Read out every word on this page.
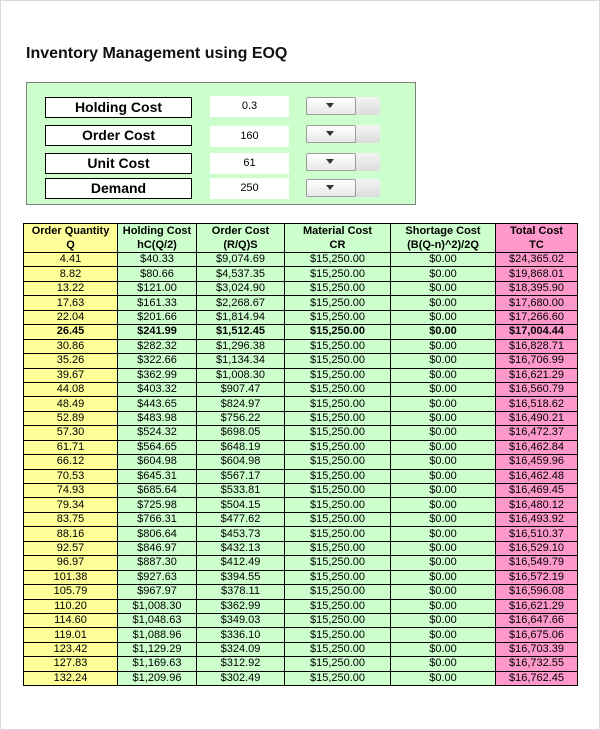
Inventory Management using EOQ
Holding Cost	0.3
Order Cost	160
Unit Cost	61
Demand	250
Order Quantity	Holding Cost	Order Cost	Material Cost	Shortage Cost	Total Cost
Q	hC(Q/2)	(R/Q)S	CR	(B(Q-n)^2)/2Q	TC
4.41	$40.33	$9,074.69	$15,250.00	$0.00	$24,365.02
8.82	$80.66	$4,537.35	$15,250.00	$0.00	$19,868.01
13.22	$121.00	$3,024.90	$15,250.00	$0.00	$18,395.90
17.63	$161.33	$2,268.67	$15,250.00	$0.00	$17,680.00
22.04	$201.66	$1,814.94	$15,250.00	$0.00	$17,266.60
26.45	$241.99	$1,512.45	$15,250.00	$0.00	$17,004.44
30.86	$282.32	$1,296.38	$15,250.00	$0.00	$16,828.71
35.26	$322.66	$1,134.34	$15,250.00	$0.00	$16,706.99
39.67	$362.99	$1,008.30	$15,250.00	$0.00	$16,621.29
44.08	$403.32	$907.47	$15,250.00	$0.00	$16,560.79
48.49	$443.65	$824.97	$15,250.00	$0.00	$16,518.62
52.89	$483.98	$756.22	$15,250.00	$0.00	$16,490.21
57.30	$524.32	$698.05	$15,250.00	$0.00	$16,472.37
61.71	$564.65	$648.19	$15,250.00	$0.00	$16,462.84
66.12	$604.98	$604.98	$15,250.00	$0.00	$16,459.96
70.53	$645.31	$567.17	$15,250.00	$0.00	$16,462.48
74.93	$685.64	$533.81	$15,250.00	$0.00	$16,469.45
79.34	$725.98	$504.15	$15,250.00	$0.00	$16,480.12
83.75	$766.31	$477.62	$15,250.00	$0.00	$16,493.92
88.16	$806.64	$453.73	$15,250.00	$0.00	$16,510.37
92.57	$846.97	$432.13	$15,250.00	$0.00	$16,529.10
96.97	$887.30	$412.49	$15,250.00	$0.00	$16,549.79
101.38	$927.63	$394.55	$15,250.00	$0.00	$16,572.19
105.79	$967.97	$378.11	$15,250.00	$0.00	$16,596.08
110.20	$1,008.30	$362.99	$15,250.00	$0.00	$16,621.29
114.60	$1,048.63	$349.03	$15,250.00	$0.00	$16,647.66
119.01	$1,088.96	$336.10	$15,250.00	$0.00	$16,675.06
123.42	$1,129.29	$324.09	$15,250.00	$0.00	$16,703.39
127.83	$1,169.63	$312.92	$15,250.00	$0.00	$16,732.55
132.24	$1,209.96	$302.49	$15,250.00	$0.00	$16,762.45
